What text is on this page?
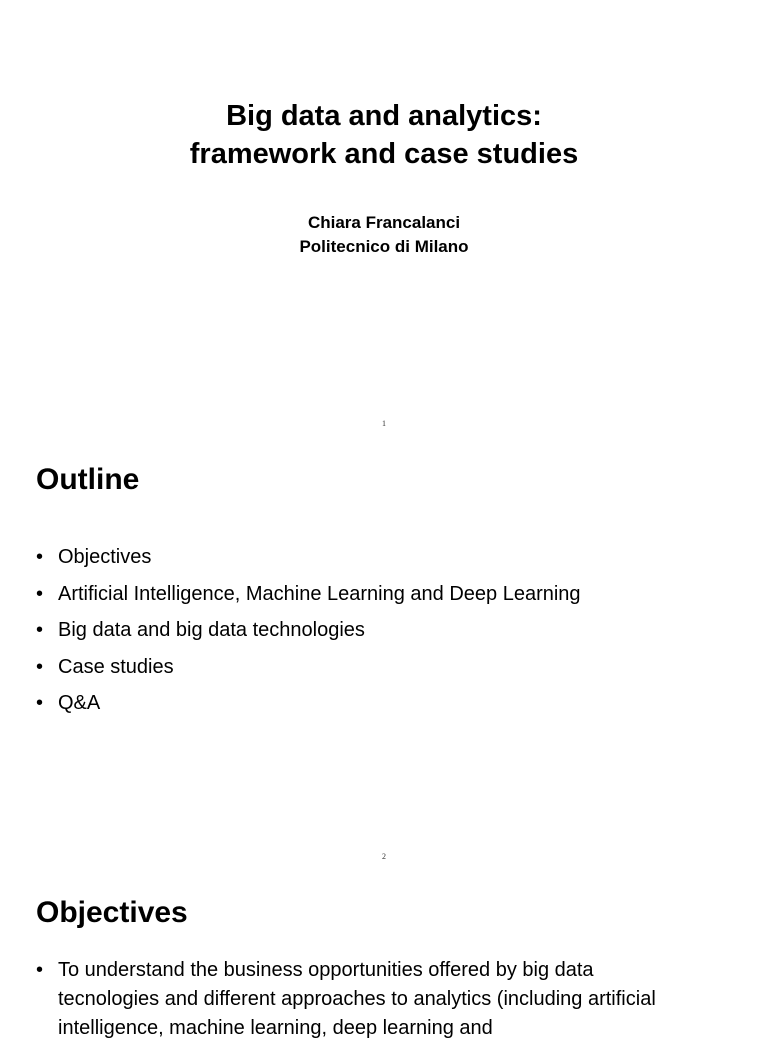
Big data and analytics:
framework and case studies
Chiara Francalanci
Politecnico di Milano
1
Outline
• Objectives
• Artificial Intelligence, Machine Learning and Deep Learning
• Big data and big data technologies
• Case studies
• Q&A
2
Objectives
• To understand the business opportunities offered by big data tecnologies and different approaches to analytics (including artificial intelligence, machine learning, deep learning and
